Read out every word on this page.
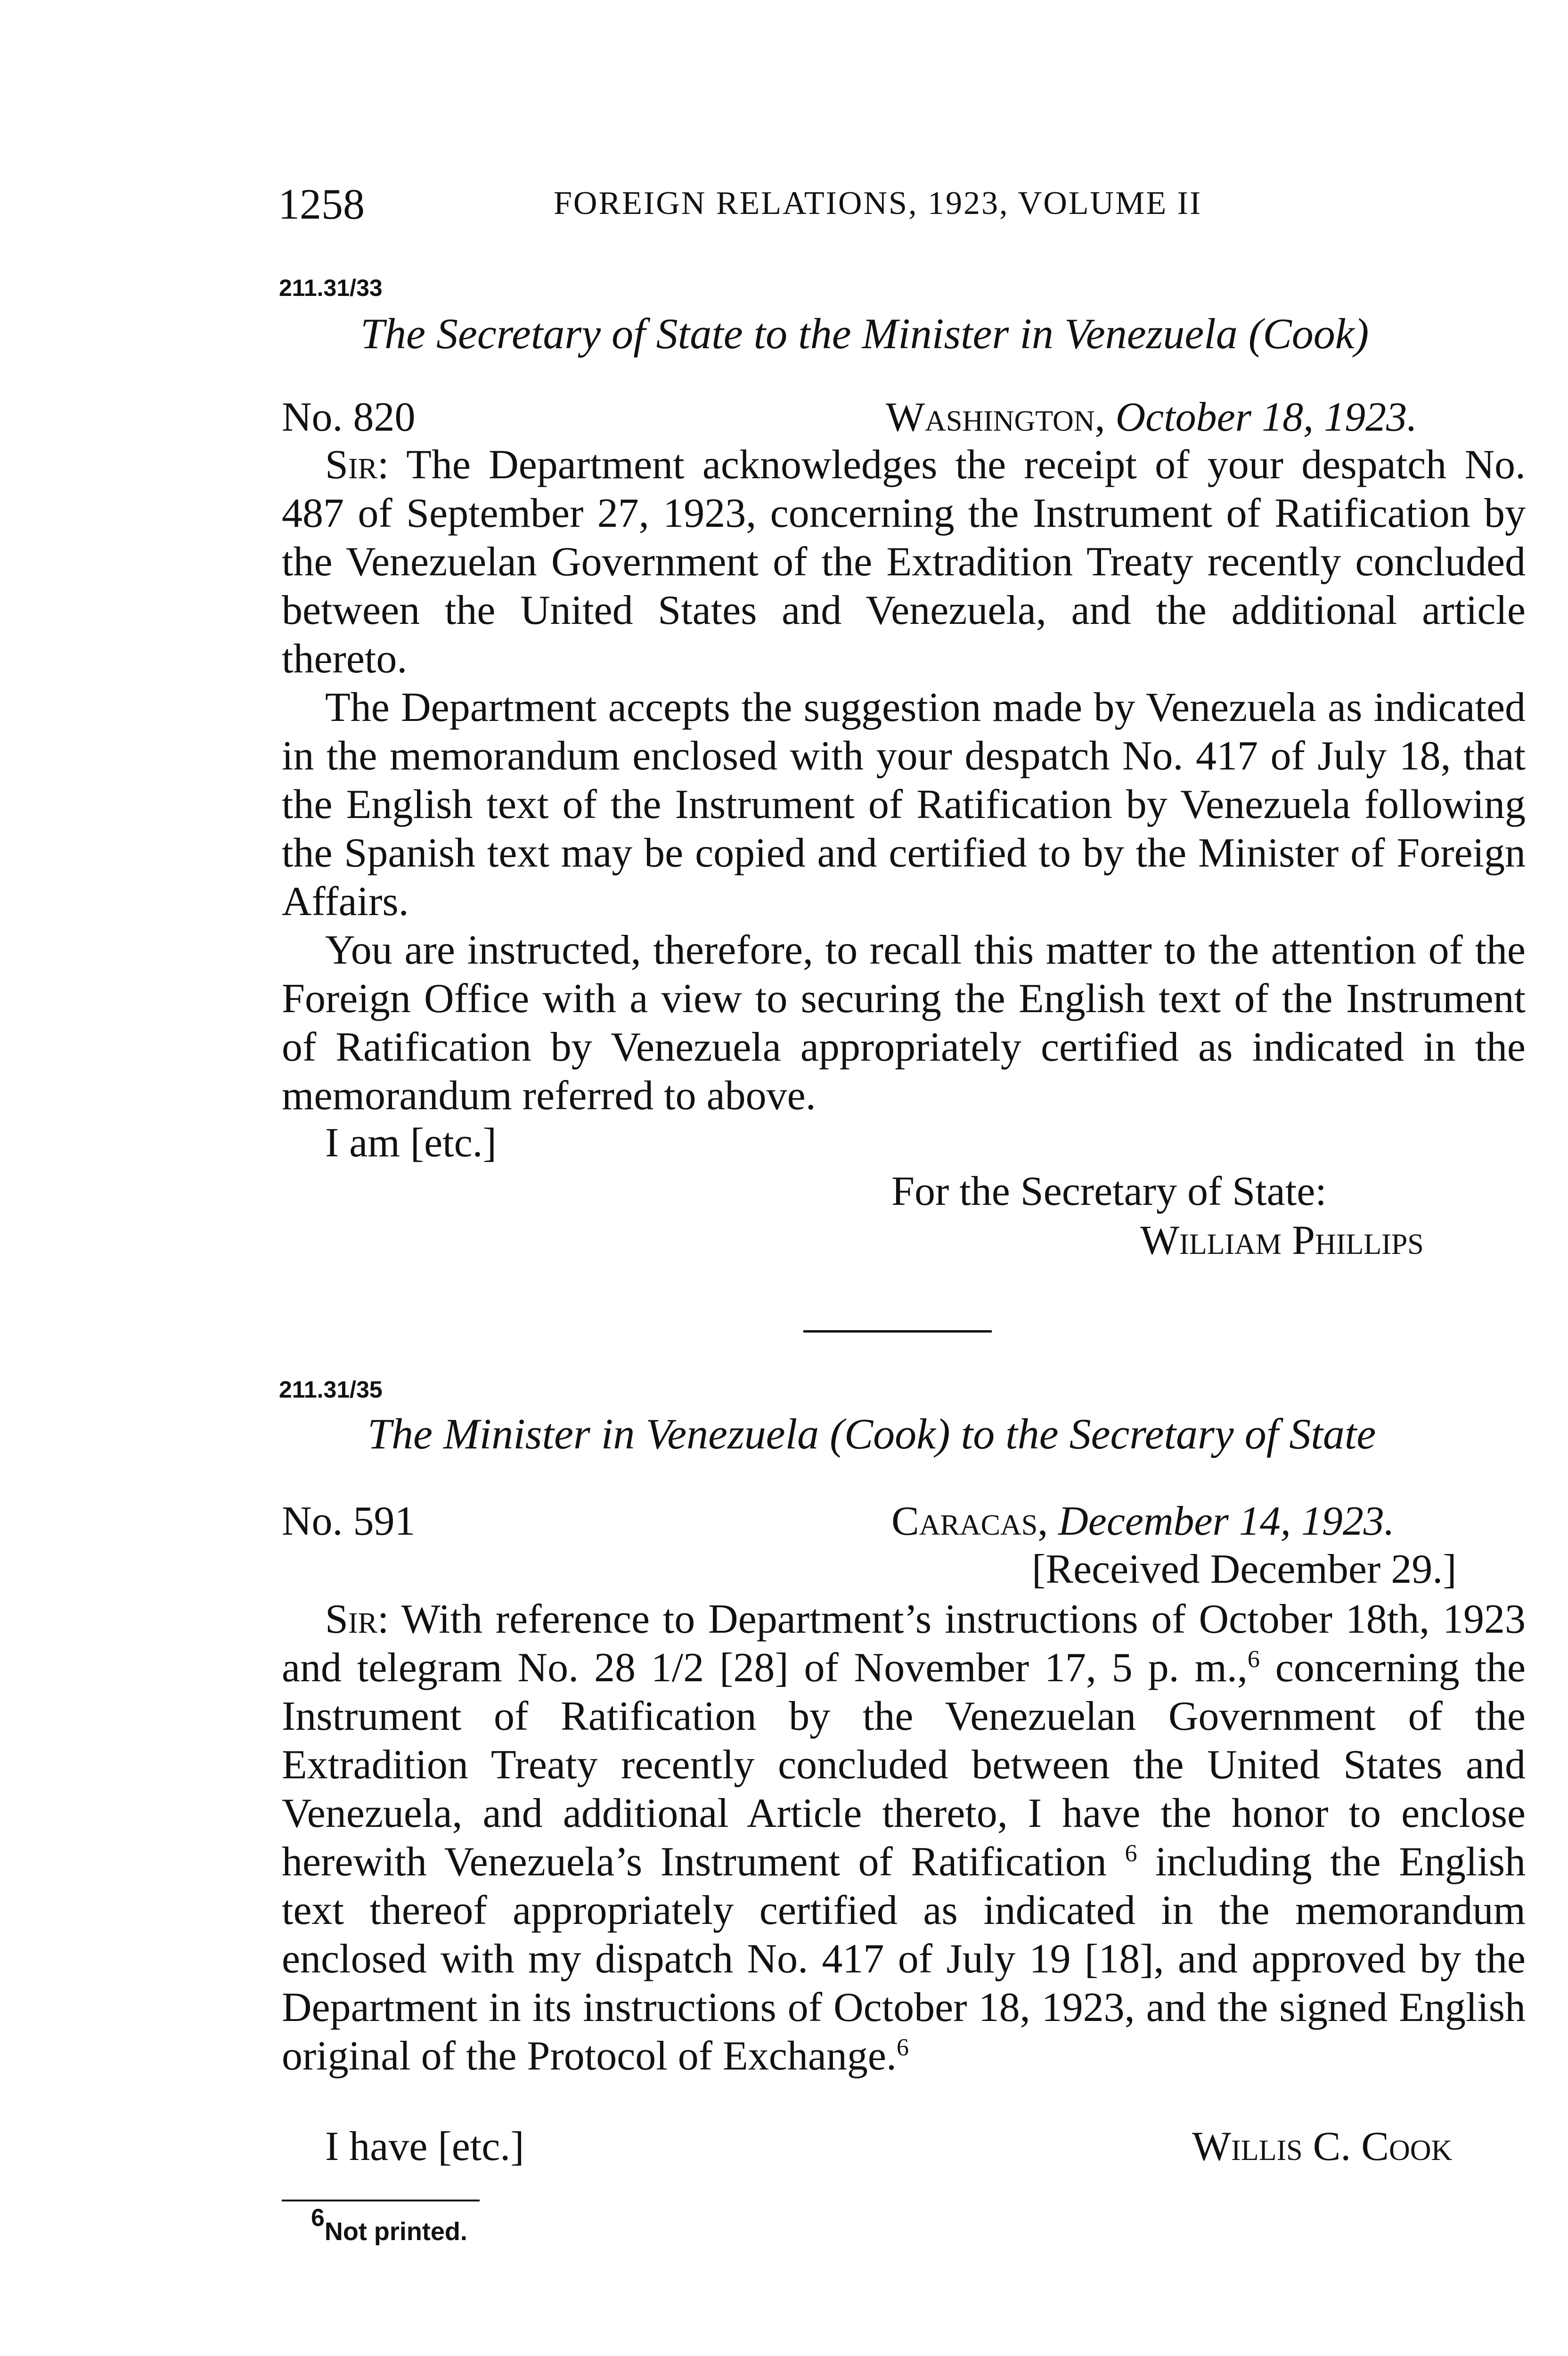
1258	FOREIGN RELATIONS, 1923, VOLUME II
211.31/33
The Secretary of State to the Minister in Venezuela (Cook)
No. 820	Washington, October 18, 1923.

Sir: The Department acknowledges the receipt of your despatch No. 487 of September 27, 1923, concerning the Instrument of Ratification by the Venezuelan Government of the Extradition Treaty recently concluded between the United States and Venezuela, and the additional article thereto.

The Department accepts the suggestion made by Venezuela as indicated in the memorandum enclosed with your despatch No. 417 of July 18, that the English text of the Instrument of Ratification by Venezuela following the Spanish text may be copied and certified to by the Minister of Foreign Affairs.

You are instructed, therefore, to recall this matter to the attention of the Foreign Office with a view to securing the English text of the Instrument of Ratification by Venezuela appropriately certified as indicated in the memorandum referred to above.

I am [etc.]
For the Secretary of State:
William Phillips
211.31/35
The Minister in Venezuela (Cook) to the Secretary of State
No. 591	Caracas, December 14, 1923.
[Received December 29.]

Sir: With reference to Department’s instructions of October 18th, 1923 and telegram No. 28 1/2 [28] of November 17, 5 p. m.,$^6$ concerning the Instrument of Ratification by the Venezuelan Government of the Extradition Treaty recently concluded between the United States and Venezuela, and additional Article thereto, I have the honor to enclose herewith Venezuela’s Instrument of Ratification $^6$ including the English text thereof appropriately certified as indicated in the memorandum enclosed with my dispatch No. 417 of July 19 [18], and approved by the Department in its instructions of October 18, 1923, and the signed English original of the Protocol of Exchange.$^6$

I have [etc.]	Willis C. Cook
$^6$Not printed.
